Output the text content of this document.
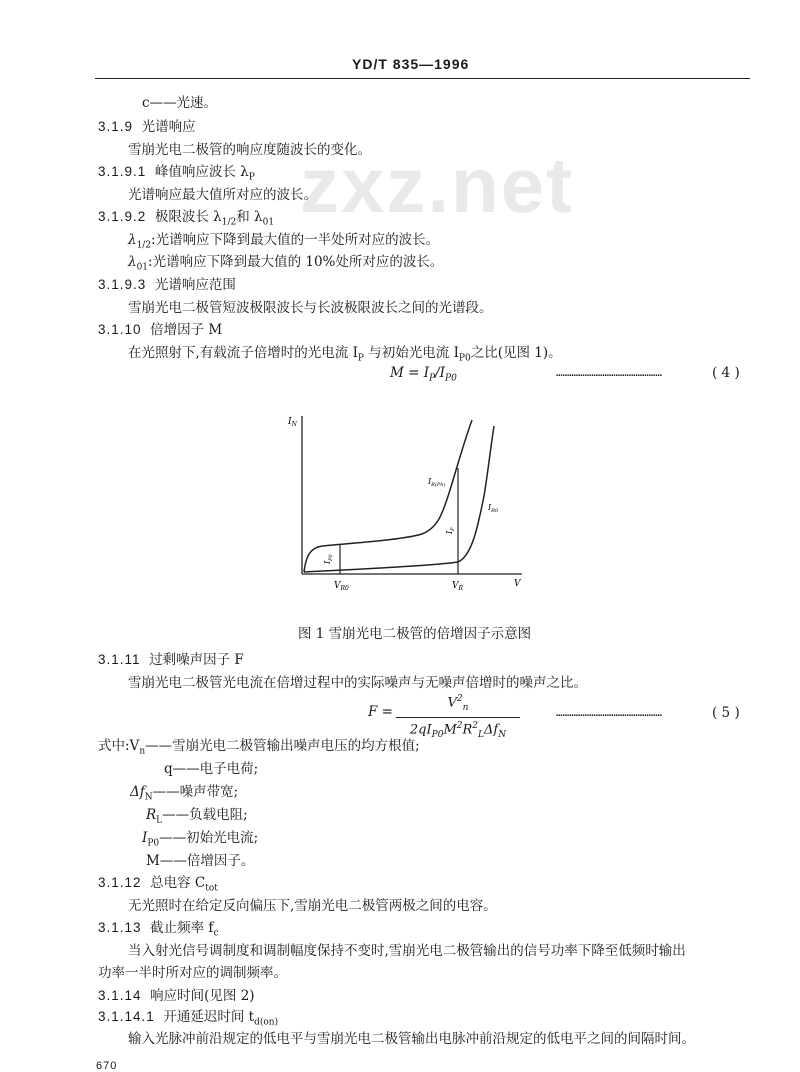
YD/T 835—1996
zxz.net
c——光速。
3.1.9 光谱响应
雪崩光电二极管的响应度随波长的变化。
3.1.9.1 峰值响应波长 $\lambda_P$
光谱响应最大值所对应的波长。
3.1.9.2 极限波长 $\lambda_{1/2}$和 $\lambda_{01}$
$\lambda_{1/2}$:光谱响应下降到最大值的一半处所对应的波长。
$\lambda_{01}$:光谱响应下降到最大值的 10%处所对应的波长。
3.1.9.3 光谱响应范围
雪崩光电二极管短波极限波长与长波极限波长之间的光谱段。
3.1.10 倍增因子 M
在光照射下,有载流子倍增时的光电流 $I_P$ 与初始光电流 $I_{P0}$之比(见图 1)。
$M = I_P/I_{P0}$	…………………………………………	( 4 )
$I_N$
V
$V_{R0}$	$V_R$
$I_{P0}$
$I_P$
$I_{R(Ph)}$
$I_{R0}$
图 1 雪崩光电二极管的倍增因子示意图
3.1.11 过剩噪声因子 F
雪崩光电二极管光电流在倍增过程中的实际噪声与无噪声倍增时的噪声之比。
F =
$V^2_n$
$2qI_{P0}M^2R^2_L\Delta f_N$
…………………………………………	( 5 )
式中$:V_n——$雪崩光电二极管输出噪声电压的均方根值;
q——电子电荷;
$\Delta f_N——$噪声带宽;
$R_L——$负载电阻;
$I_{P0}——$初始光电流;
M——倍增因子。
3.1.12 总电容 $C_{tot}$
无光照时在给定反向偏压下,雪崩光电二极管两极之间的电容。
3.1.13 截止频率 $f_c$
当入射光信号调制度和调制幅度保持不变时,雪崩光电二极管输出的信号功率下降至低频时输出
功率一半时所对应的调制频率。
3.1.14 响应时间(见图 2)
3.1.14.1 开通延迟时间 $t_{d(on)}$
输入光脉冲前沿规定的低电平与雪崩光电二极管输出电脉冲前沿规定的低电平之间的间隔时间。
670
